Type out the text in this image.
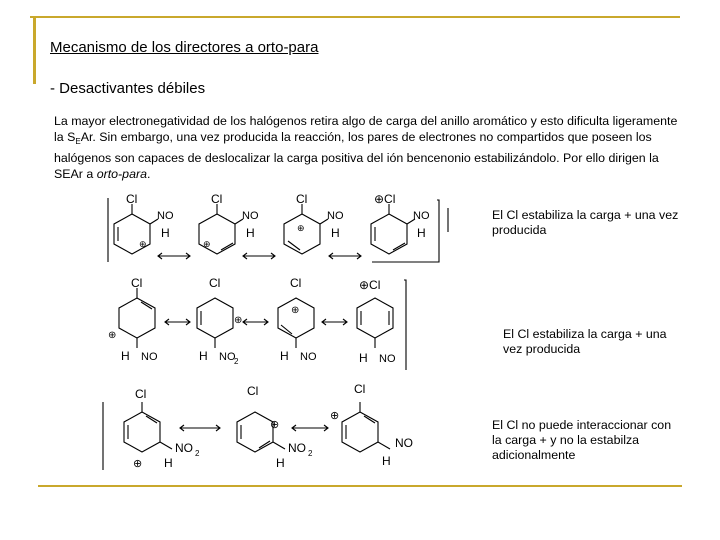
Mecanismo de los directores a orto-para
- Desactivantes débiles
La mayor electronegatividad de los halógenos retira algo de carga del anillo aromático y esto dificulta ligeramente la $S_EAr$. Sin embargo, una vez producida la reacción, los pares de electrones no compartidos que poseen los halógenos son capaces de deslocalizar la carga positiva del ión bencenonio estabilizándolo. Por ello dirigen la SEAr a orto-para.
Cl
NO
H
⊕
Cl
NO
H
⊕
Cl
NO
H
⊕
⊕Cl
NO
H
Cl
⊕
H NO
Cl
⊕
H NO
2
Cl
⊕
H NO
⊕Cl
H NO
Cl
NO 2
H
⊕
Cl
NO 2
H
⊕
Cl
NO
H
⊕
El Cl estabiliza la carga + una vez producida
El Cl estabiliza la carga + una vez producida
El Cl no puede interaccionar con la carga + y no la estabilza adicionalmente
